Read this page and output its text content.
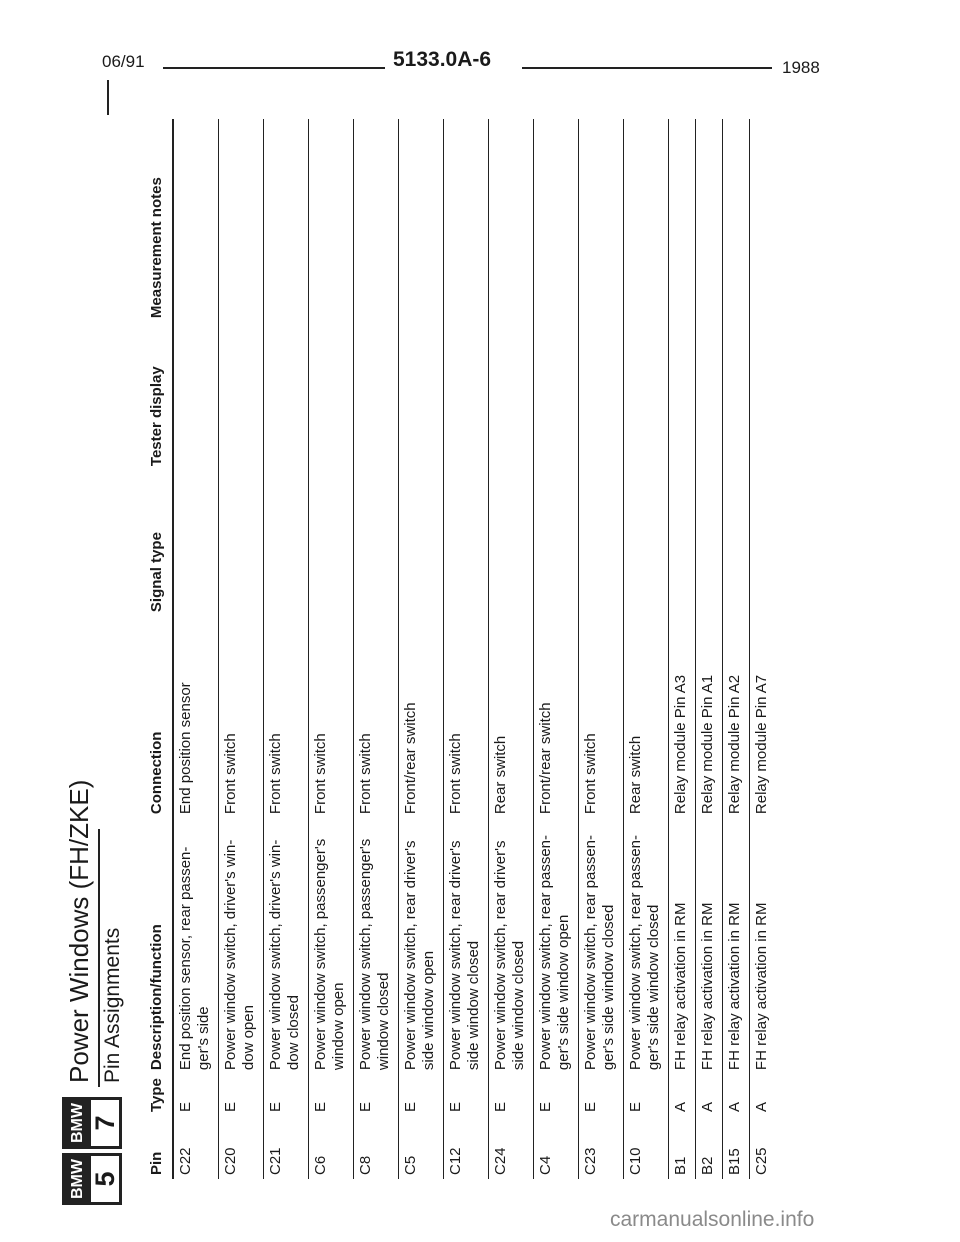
06/91	5133.0A-6	1988
BMW 5
BMW 7
Power Windows (FH/ZKE) Pin Assignments
Pin	Type	Description/function	Connection	Signal type	Tester display	Measurement notes
C22	E	End position sensor, rear passen- ger's side	End position sensor			
C20	E	Power window switch, driver's win- dow open	Front switch			
C21	E	Power window switch, driver's win- dow closed	Front switch			
C6	E	Power window switch, passenger's window open	Front switch			
C8	E	Power window switch, passenger's window closed	Front switch			
C5	E	Power window switch, rear driver's side window open	Front/rear switch			
C12	E	Power window switch, rear driver's side window closed	Front switch			
C24	E	Power window switch, rear driver's side window closed	Rear switch			
C4	E	Power window switch, rear passen- ger's side window open	Front/rear switch			
C23	E	Power window switch, rear passen- ger's side window closed	Front switch			
C10	E	Power window switch, rear passen- ger's side window closed	Rear switch			
B1	A	FH relay activation in RM	Relay module Pin A3			
B2	A	FH relay activation in RM	Relay module Pin A1			
B15	A	FH relay activation in RM	Relay module Pin A2			
C25	A	FH relay activation in RM	Relay module Pin A7			
carmanualsonline.info
